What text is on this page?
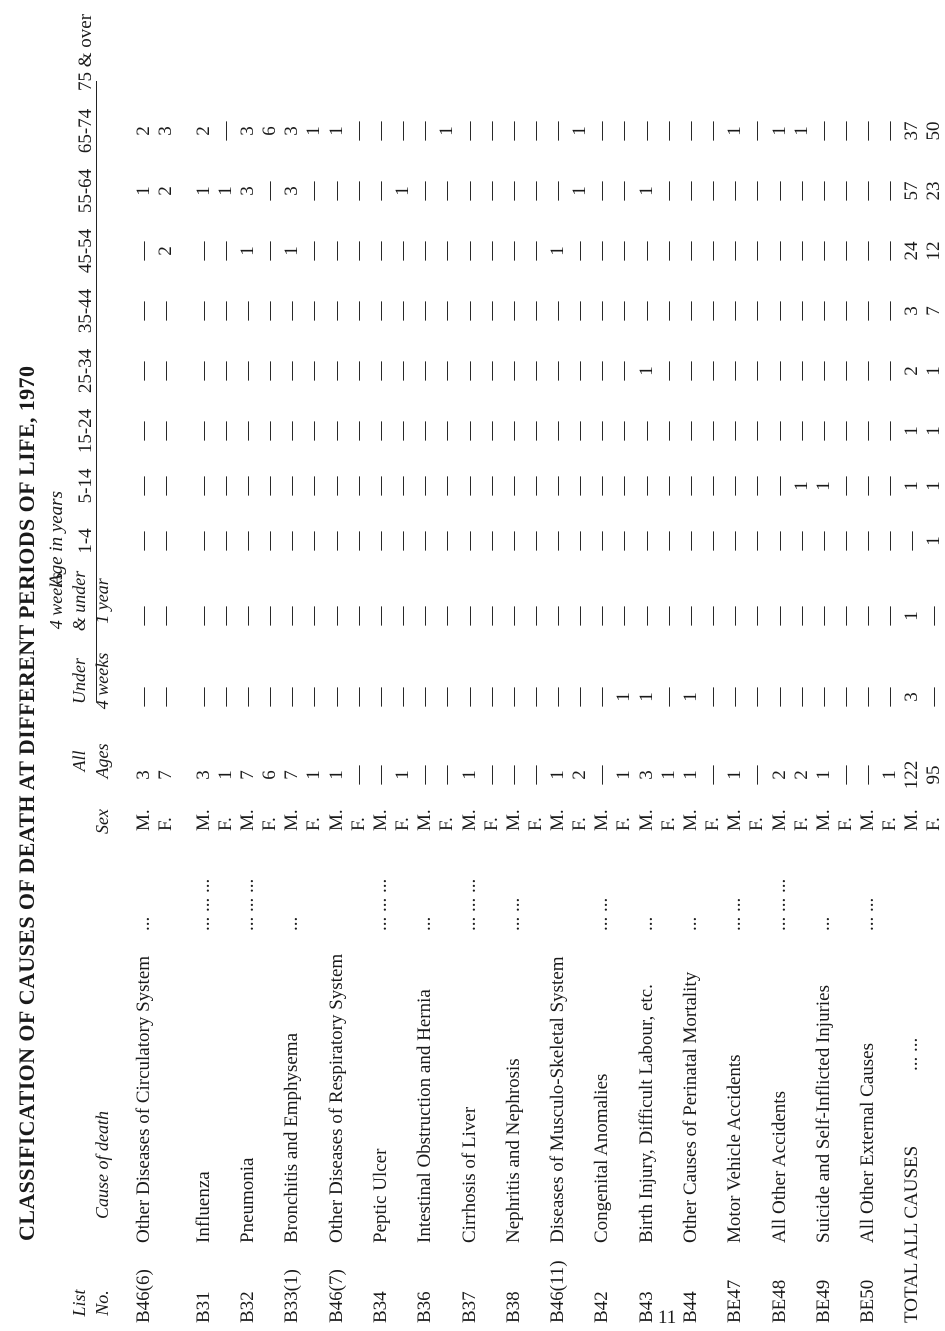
CLASSIFICATION OF CAUSES OF DEATH AT DIFFERENT PERIODS OF LIFE, 1970 Age in years
List No.
Cause of death
Sex
All Ages
Under 4 weeks
4 weeks & under 1 year
1-4
5-14
15-24
25-34
35-44
45-54
55-64
65-74
75 & over
B46(6)
Other Diseases of Circulatory System
...
M.
3
—
—
—
—
—
—
—
—
1
2
F.
7
—
—
—
—
—
—
—
2
2
3
B31
Influenza
... ... ...
M.
3
—
—
—
—
—
—
—
—
1
2
F.
1
—
—
—
—
—
—
—
—
1
—
B32
Pneumonia
... ... ...
M.
7
—
—
—
—
—
—
—
1
3
3
F.
6
—
—
—
—
—
—
—
—
—
6
B33(1)
Bronchitis and Emphysema
...
M.
7
—
—
—
—
—
—
—
1
3
3
F.
1
—
—
—
—
—
—
—
—
—
1
B46(7)
Other Diseases of Respiratory System
M.
1
—
—
—
—
—
—
—
—
—
1
F.
—
—
—
—
—
—
—
—
—
—
—
B34
Peptic Ulcer
... ... ...
M.
—
—
—
—
—
—
—
—
—
—
—
F.
1
—
—
—
—
—
—
—
—
1
—
B36
Intestinal Obstruction and Hernia
...
M.
—
—
—
—
—
—
—
—
—
—
—
F.
—
—
—
—
—
—
—
—
—
—
1
B37
Cirrhosis of Liver
... ... ...
M.
1
—
—
—
—
—
—
—
—
—
—
F.
—
—
—
—
—
—
—
—
—
—
—
B38
Nephritis and Nephrosis
... ...
M.
—
—
—
—
—
—
—
—
—
—
—
F.
—
—
—
—
—
—
—
—
—
—
—
B46(11)
Diseases of Musculo-Skeletal System
M.
1
—
—
—
—
—
—
—
1
—
—
F.
2
—
—
—
—
—
—
—
—
1
1
B42
Congenital Anomalies
... ...
M.
—
—
—
—
—
—
—
—
—
—
—
F.
1
1
—
—
—
—
—
—
—
—
—
B43
Birth Injury, Difficult Labour, etc.
...
M.
3
1
—
—
—
—
1
—
—
1
—
F.
1
—
—
—
—
—
—
—
—
—
—
B44
Other Causes of Perinatal Mortality
...
M.
1
1
—
—
—
—
—
—
—
—
—
F.
—
—
—
—
—
—
—
—
—
—
—
BE47
Motor Vehicle Accidents
... ...
M.
1
—
—
—
—
—
—
—
—
—
1
F.
—
—
—
—
—
—
—
—
—
—
—
BE48
All Other Accidents
... ... ...
M.
2
—
—
—
—
—
—
—
—
—
1
F.
2
—
—
—
1
—
—
—
—
—
1
BE49
Suicide and Self-Inflicted Injuries
...
M.
1
—
—
—
1
—
—
—
—
—
—
F.
—
—
—
—
—
—
—
—
—
—
—
BE50
All Other External Causes
... ...
M.
—
—
—
—
—
—
—
—
—
—
—
F.
1
—
—
—
—
—
—
—
—
—
—
TOTAL ALL CAUSES
... ...
M.
122
3
1
—
1
1
2
3
24
57
37
F.
95
—
—
1
1
1
1
7
12
23
50
11
